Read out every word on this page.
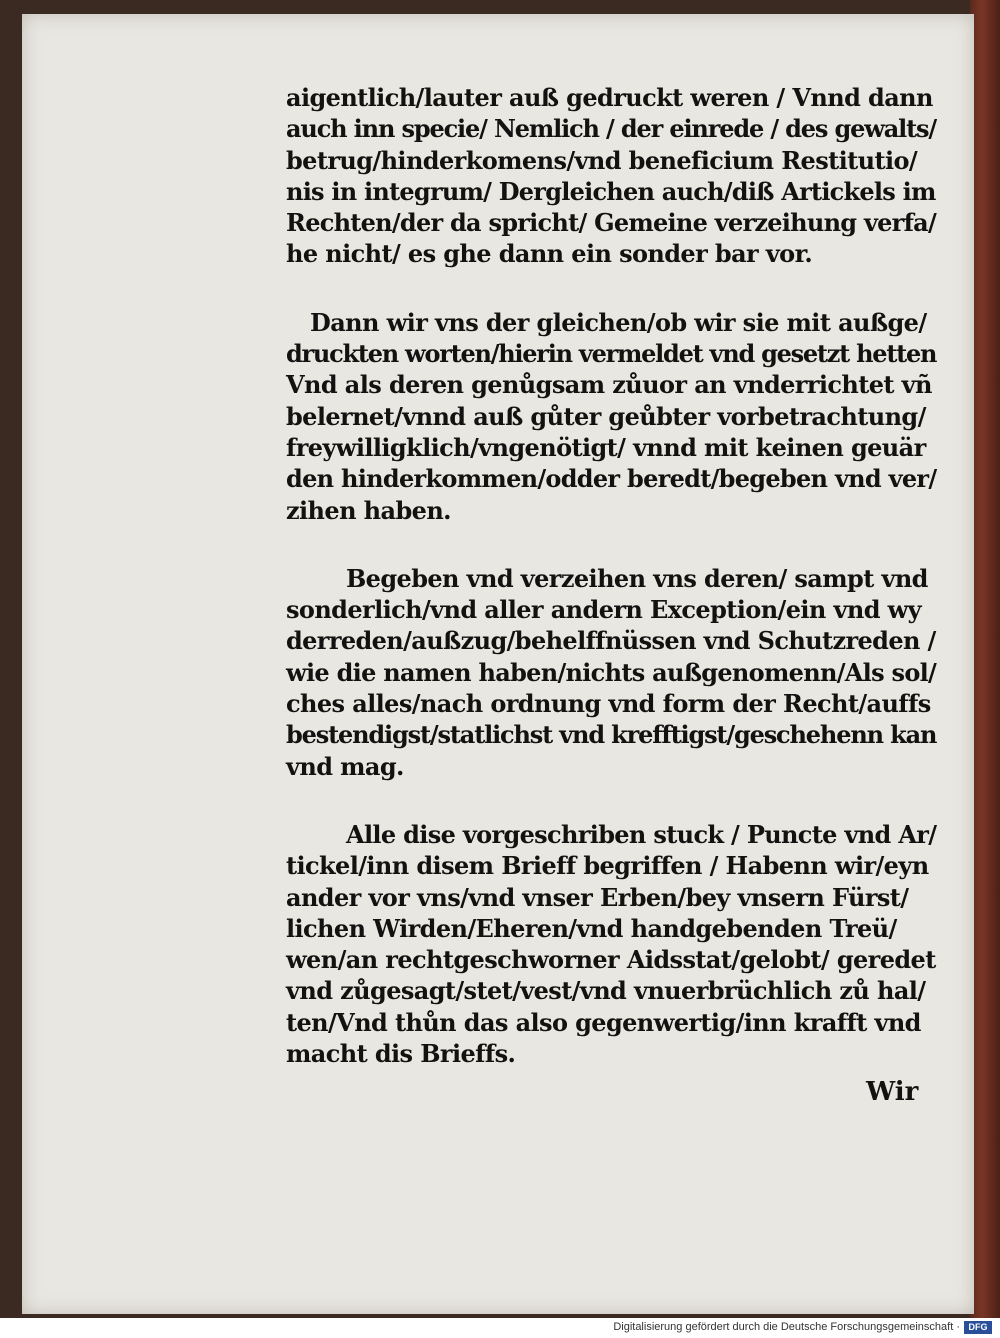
aigentlich/lauter auß gedruckt weren / Vnnd dann
auch inn specie/ Nemlich / der einrede / des gewalts/
betrug/hinderkomens/vnd beneficium Restitutio/
nis in integrum/ Dergleichen auch/diß Artickels im
Rechten/der da spricht/ Gemeine verzeihung verfa/
he nicht/ es ghe dann ein sonder bar vor.
Dann wir vns der gleichen/ob wir sie mit außge/
druckten worten/hierin vermeldet vnd gesetzt hetten
Vnd als deren genůgsam zůuor an vnderrichtet vñ
belernet/vnnd auß gůter geůbter vorbetrachtung/
freywilligklich/vngenötigt/ vnnd mit keinen geuär
den hinderkommen/odder beredt/begeben vnd ver/
zihen haben.
Begeben vnd verzeihen vns deren/ sampt vnd
sonderlich/vnd aller andern Exception/ein vnd wy
derreden/außzug/behelffnüssen vnd Schutzreden /
wie die namen haben/nichts außgenomenn/Als sol/
ches alles/nach ordnung vnd form der Recht/auffs
bestendigst/statlichst vnd krefftigst/geschehenn kan
vnd mag.
Alle dise vorgeschriben stuck / Puncte vnd Ar/
tickel/inn disem Brieff begriffen / Habenn wir/eyn
ander vor vns/vnd vnser Erben/bey vnsern Fürst/
lichen Wirden/Eheren/vnd handgebenden Treü/
wen/an rechtgeschworner Aidsstat/gelobt/ geredet
vnd zůgesagt/stet/vest/vnd vnuerbrüchlich zů hal/
ten/Vnd thůn das also gegenwertig/inn krafft vnd
macht dis Brieffs.
Wir
Digitalisierung gefördert durch die Deutsche Forschungsgemeinschaft · DFG
